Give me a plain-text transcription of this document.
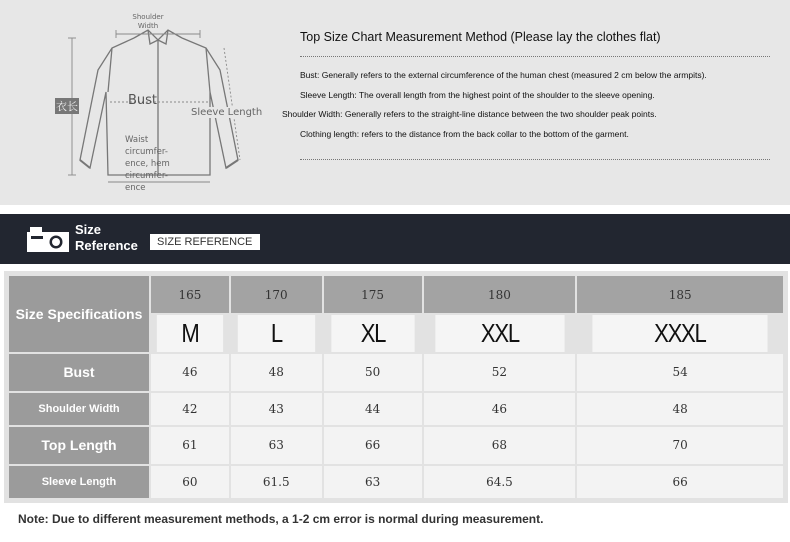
Shoulder Width
Bust
衣长	Sleeve Length
Waist circumfer- ence, hem circumfer- ence
Top Size Chart Measurement Method (Please lay the clothes flat)
Bust: Generally refers to the external circumference of the human chest (measured 2 cm below the armpits).
Sleeve Length: The overall length from the highest point of the shoulder to the sleeve opening.
Shoulder Width: Generally refers to the straight-line distance between the two shoulder peak points.
Clothing length: refers to the distance from the back collar to the bottom of the garment.
Size
Reference	SIZE REFERENCE
Size Specifications	165	170	175	180	185
	M	L	XL	XXL	XXXL
Bust	46	48	50	52	54
Shoulder Width	42	43	44	46	48
Top Length	61	63	66	68	70
Sleeve Length	60	61.5	63	64.5	66
Note: Due to different measurement methods, a 1-2 cm error is normal during measurement.
